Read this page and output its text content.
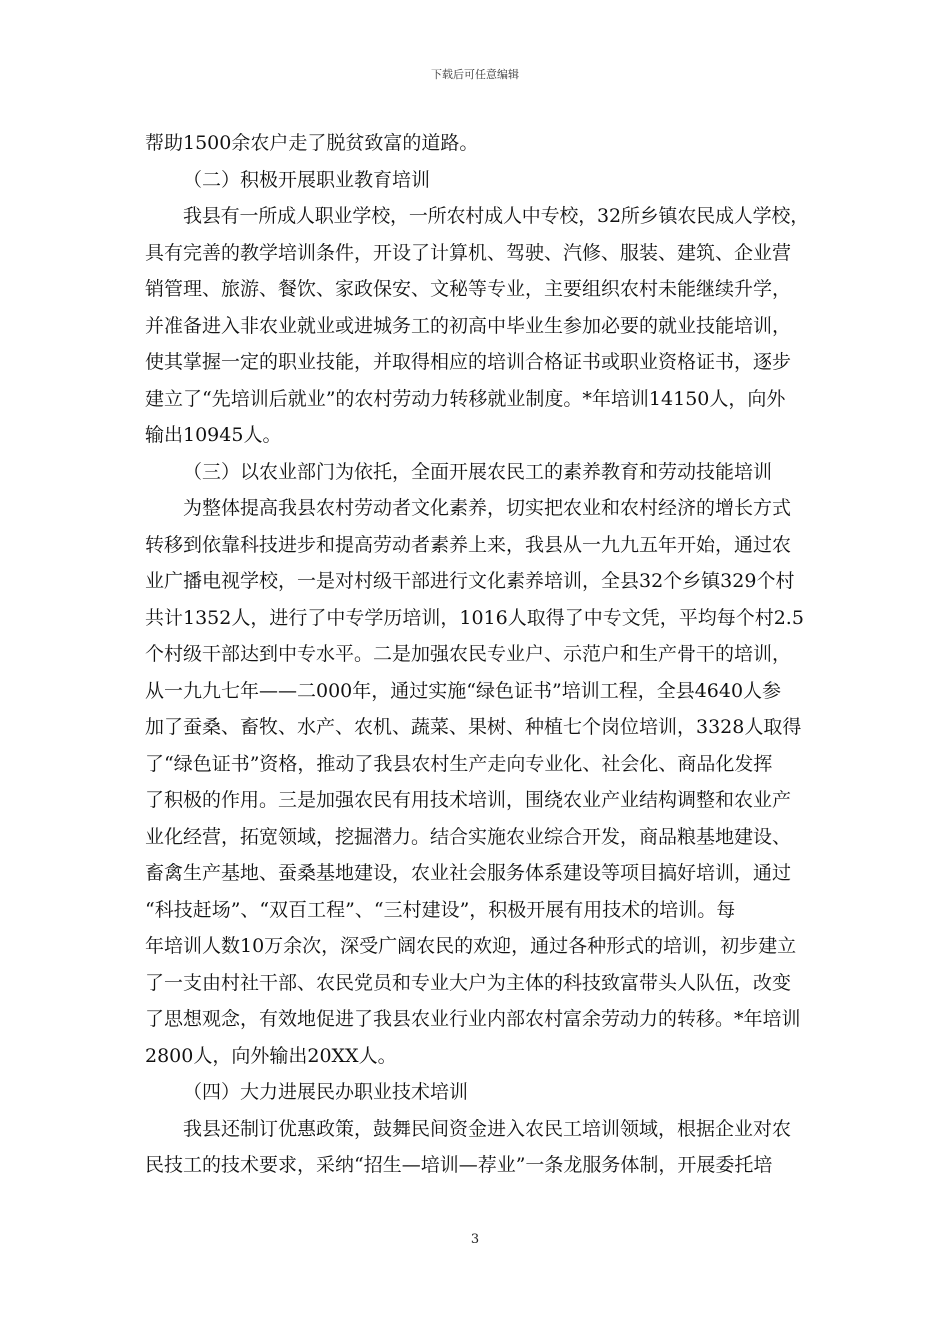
下载后可任意编辑
帮助1500余农户走了脱贫致富的道路。
（二）积极开展职业教育培训
我县有一所成人职业学校，一所农村成人中专校，32所乡镇农民成人学校，
具有完善的教学培训条件，开设了计算机、驾驶、汽修、服装、建筑、企业营
销管理、旅游、餐饮、家政保安、文秘等专业，主要组织农村未能继续升学，
并准备进入非农业就业或进城务工的初高中毕业生参加必要的就业技能培训，
使其掌握一定的职业技能，并取得相应的培训合格证书或职业资格证书，逐步
建立了“先培训后就业”的农村劳动力转移就业制度。*年培训14150人，向外
输出10945人。
（三）以农业部门为依托，全面开展农民工的素养教育和劳动技能培训
为整体提高我县农村劳动者文化素养，切实把农业和农村经济的增长方式
转移到依靠科技进步和提高劳动者素养上来，我县从一九九五年开始，通过农
业广播电视学校，一是对村级干部进行文化素养培训，全县32个乡镇329个村
共计1352人，进行了中专学历培训，1016人取得了中专文凭，平均每个村2.5
个村级干部达到中专水平。二是加强农民专业户、示范户和生产骨干的培训，
从一九九七年——二000年，通过实施“绿色证书”培训工程，全县4640人参
加了蚕桑、畜牧、水产、农机、蔬菜、果树、种植七个岗位培训，3328人取得
了“绿色证书”资格，推动了我县农村生产走向专业化、社会化、商品化发挥
了积极的作用。三是加强农民有用技术培训，围绕农业产业结构调整和农业产
业化经营，拓宽领域，挖掘潜力。结合实施农业综合开发，商品粮基地建设、
畜禽生产基地、蚕桑基地建设，农业社会服务体系建设等项目搞好培训，通过
“科技赶场”、“双百工程”、“三村建设”，积极开展有用技术的培训。每
年培训人数10万余次，深受广阔农民的欢迎，通过各种形式的培训，初步建立
了一支由村社干部、农民党员和专业大户为主体的科技致富带头人队伍，改变
了思想观念，有效地促进了我县农业行业内部农村富余劳动力的转移。*年培训
2800人，向外输出20XX人。
（四）大力进展民办职业技术培训
我县还制订优惠政策，鼓舞民间资金进入农民工培训领域，根据企业对农
民技工的技术要求，采纳“招生—培训—荐业”一条龙服务体制，开展委托培
3
